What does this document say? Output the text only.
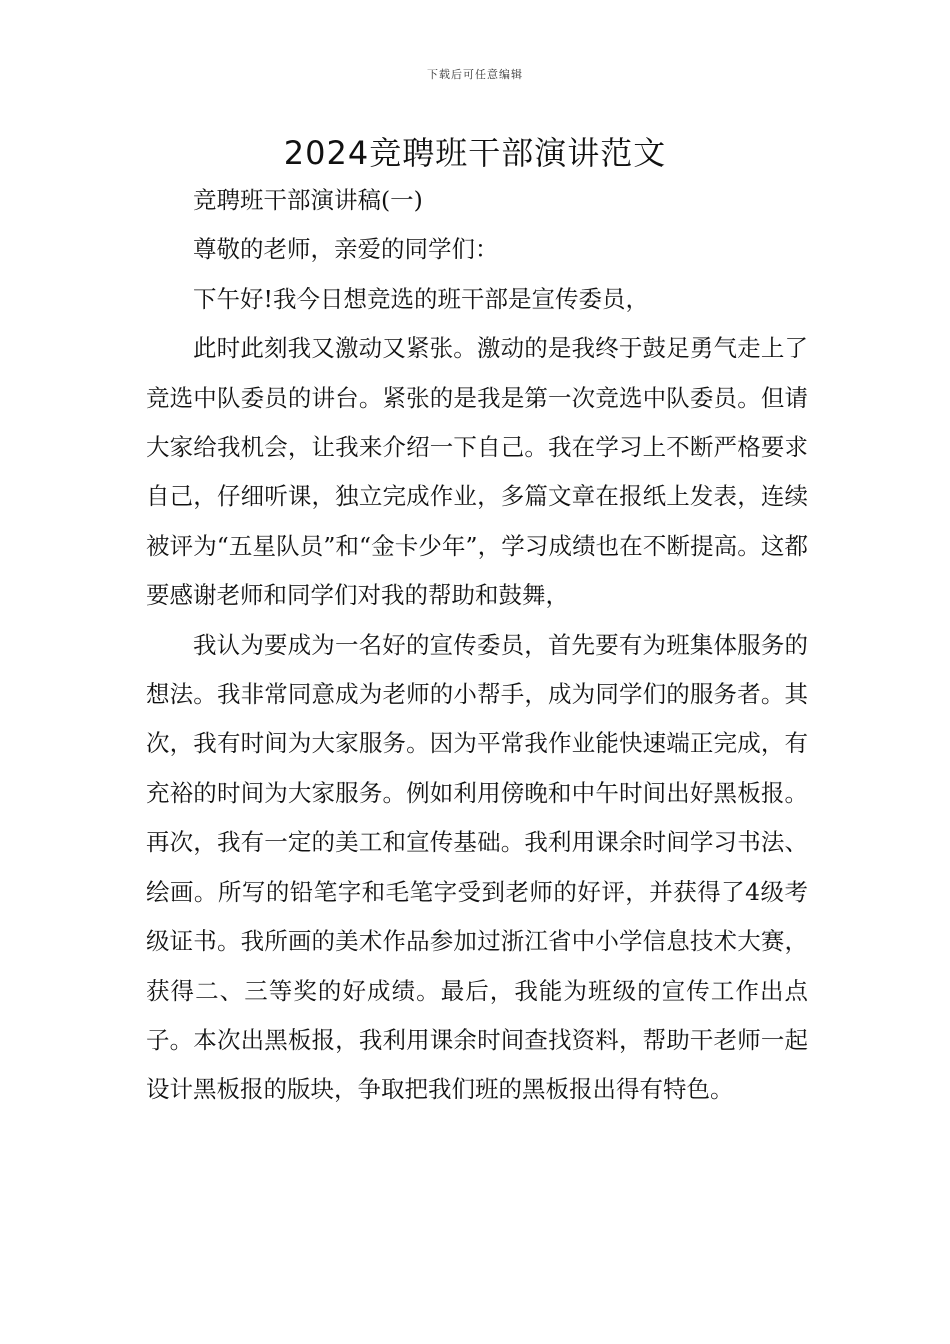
下载后可任意编辑
2024竞聘班干部演讲范文

竞聘班干部演讲稿(一)

尊敬的老师，亲爱的同学们：

下午好!我今日想竞选的班干部是宣传委员，

此时此刻我又激动又紧张。激动的是我终于鼓足勇气走上了竞选中队委员的讲台。紧张的是我是第一次竞选中队委员。但请大家给我机会，让我来介绍一下自己。我在学习上不断严格要求自己，仔细听课，独立完成作业，多篇文章在报纸上发表，连续被评为“五星队员”和“金卡少年”，学习成绩也在不断提高。这都要感谢老师和同学们对我的帮助和鼓舞，

我认为要成为一名好的宣传委员，首先要有为班集体服务的想法。我非常同意成为老师的小帮手，成为同学们的服务者。其次，我有时间为大家服务。因为平常我作业能快速端正完成，有充裕的时间为大家服务。例如利用傍晚和中午时间出好黑板报。再次，我有一定的美工和宣传基础。我利用课余时间学习书法、绘画。所写的铅笔字和毛笔字受到老师的好评，并获得了4级考级证书。我所画的美术作品参加过浙江省中小学信息技术大赛，获得二、三等奖的好成绩。最后，我能为班级的宣传工作出点子。本次出黑板报，我利用课余时间查找资料，帮助干老师一起设计黑板报的版块，争取把我们班的黑板报出得有特色。
